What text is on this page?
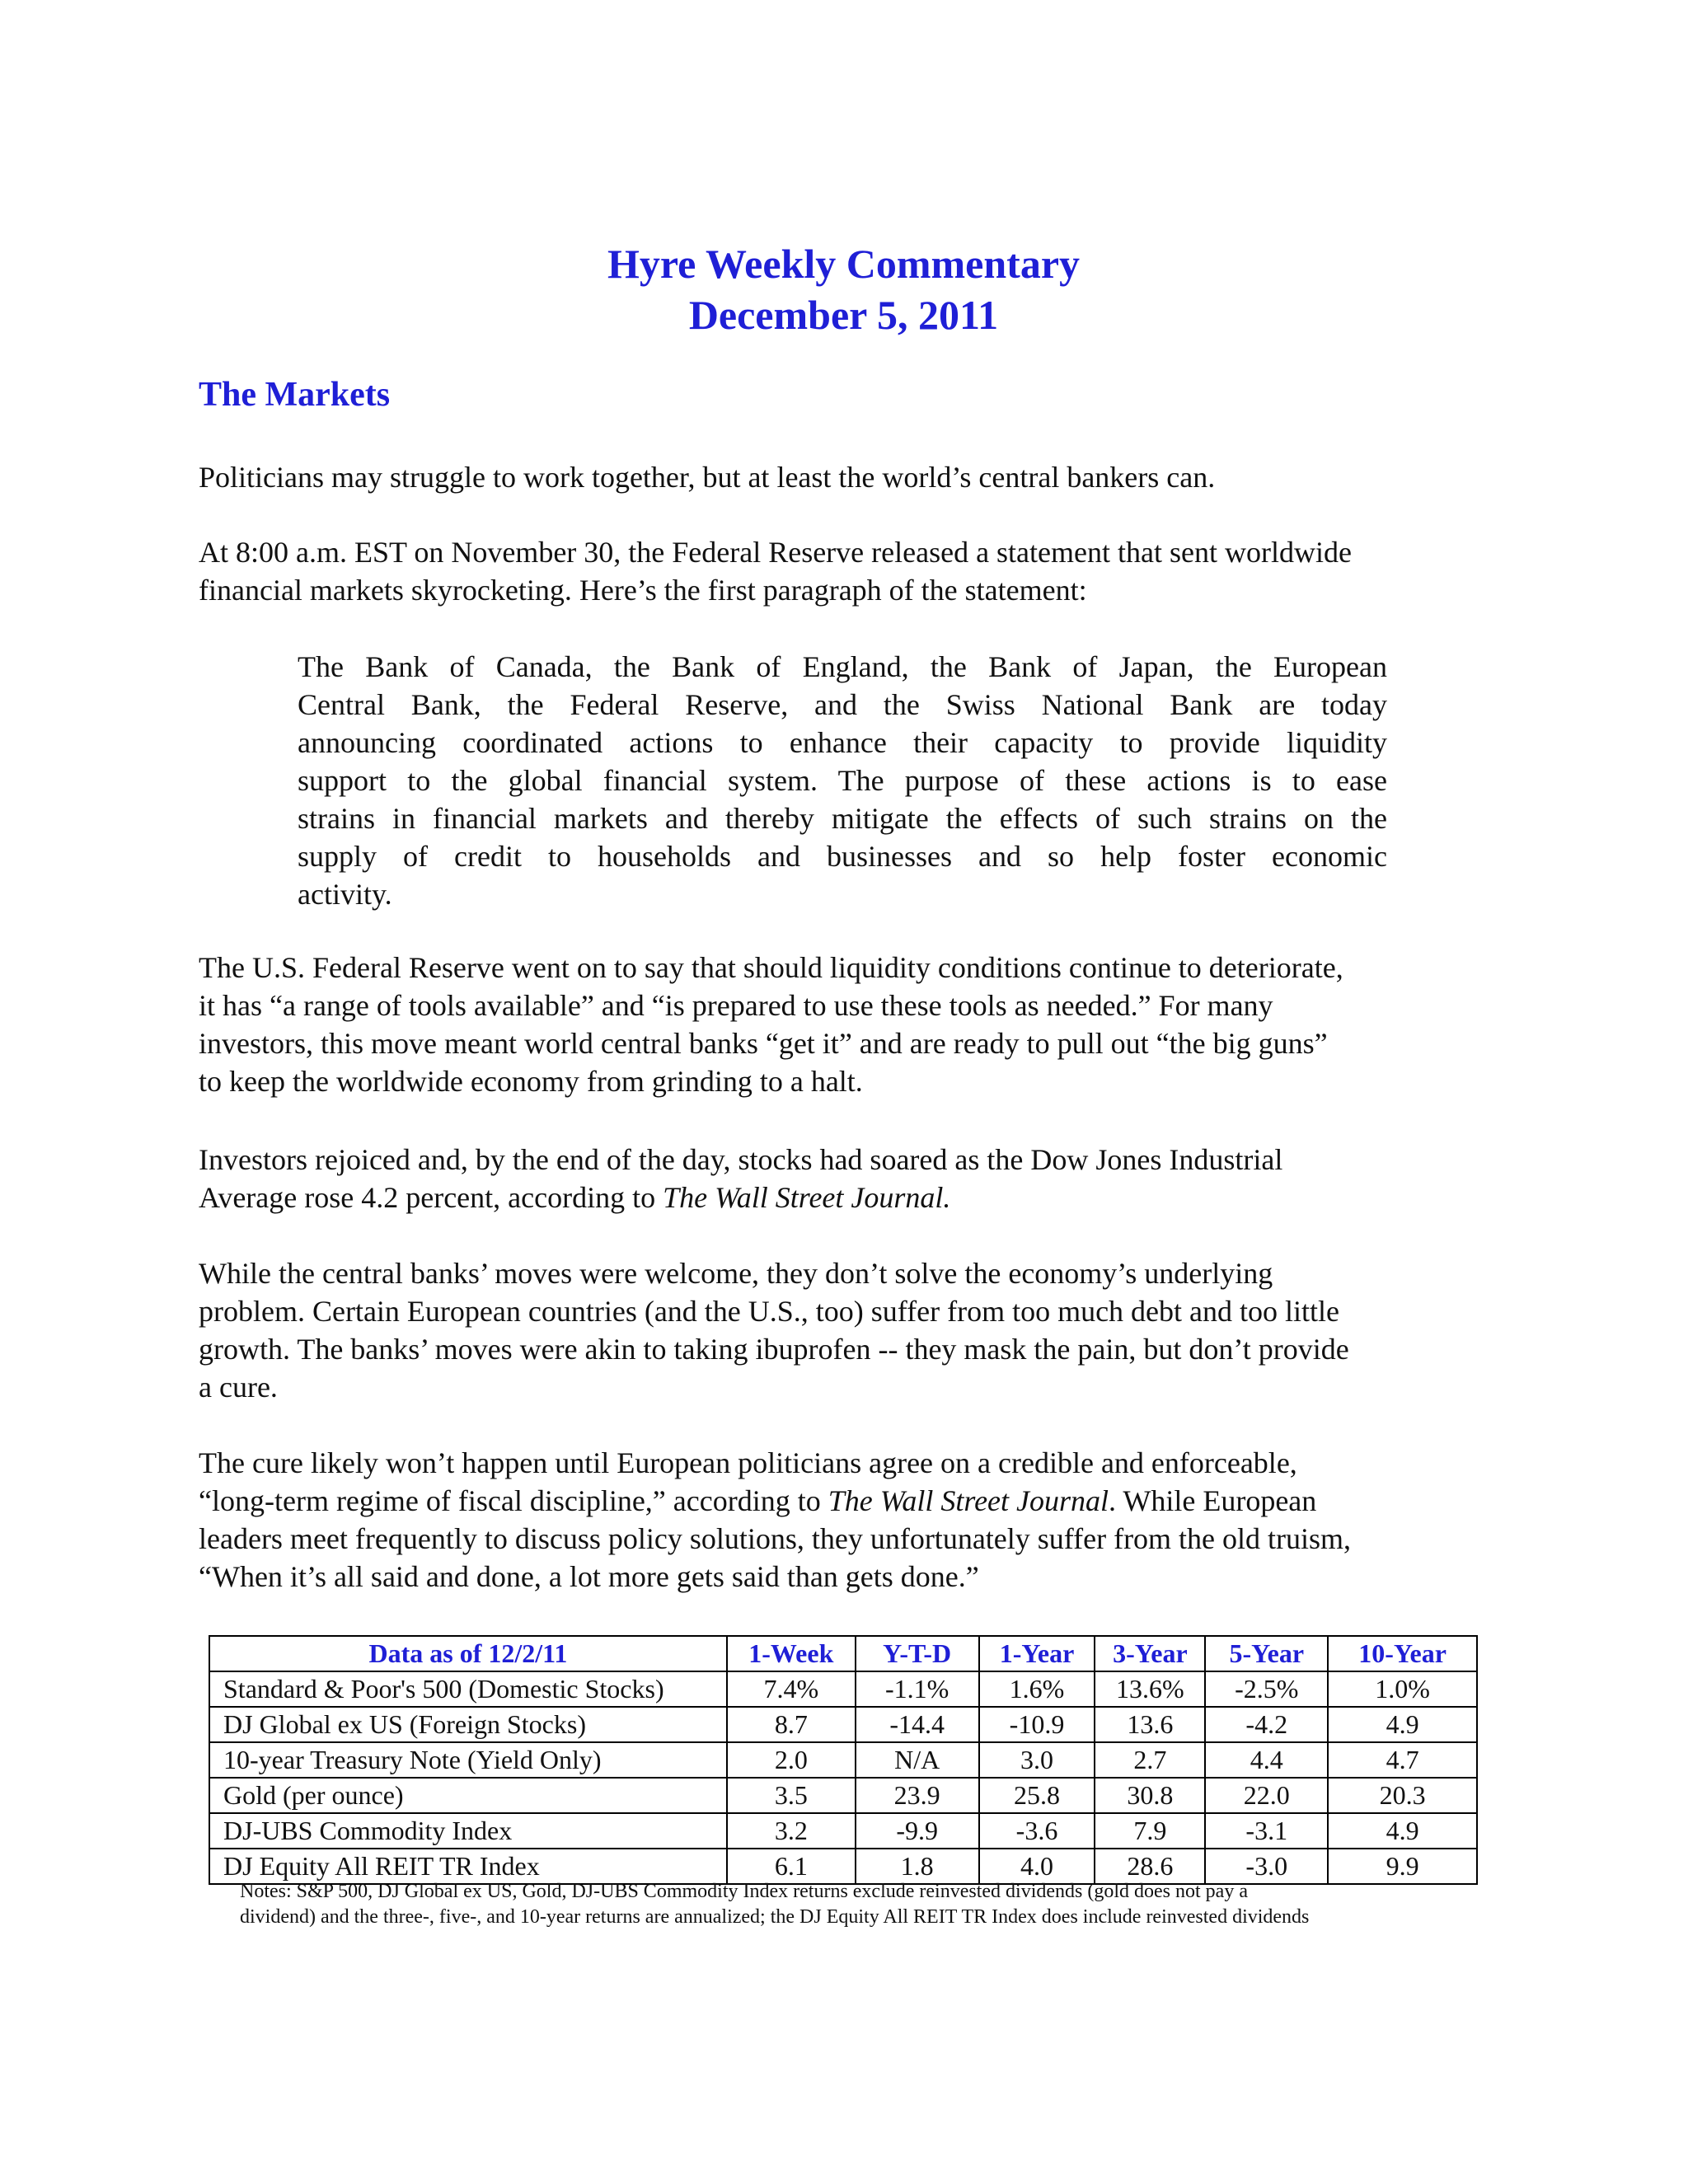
Hyre Weekly Commentary
December 5, 2011
The Markets

Politicians may struggle to work together, but at least the world’s central bankers can.

At 8:00 a.m. EST on November 30, the Federal Reserve released a statement that sent worldwide
financial markets skyrocketing. Here’s the first paragraph of the statement:

The Bank of Canada, the Bank of England, the Bank of Japan, the European
Central Bank, the Federal Reserve, and the Swiss National Bank are today
announcing coordinated actions to enhance their capacity to provide liquidity
support to the global financial system. The purpose of these actions is to ease
strains in financial markets and thereby mitigate the effects of such strains on the
supply of credit to households and businesses and so help foster economic
activity.

The U.S. Federal Reserve went on to say that should liquidity conditions continue to deteriorate,
it has “a range of tools available” and “is prepared to use these tools as needed.” For many
investors, this move meant world central banks “get it” and are ready to pull out “the big guns”
to keep the worldwide economy from grinding to a halt.

Investors rejoiced and, by the end of the day, stocks had soared as the Dow Jones Industrial
Average rose 4.2 percent, according to The Wall Street Journal.

While the central banks’ moves were welcome, they don’t solve the economy’s underlying
problem. Certain European countries (and the U.S., too) suffer from too much debt and too little
growth. The banks’ moves were akin to taking ibuprofen -- they mask the pain, but don’t provide
a cure.

The cure likely won’t happen until European politicians agree on a credible and enforceable,
“long-term regime of fiscal discipline,” according to The Wall Street Journal. While European
leaders meet frequently to discuss policy solutions, they unfortunately suffer from the old truism,
“When it’s all said and done, a lot more gets said than gets done.”

Data as of 12/2/11	1-Week	Y-T-D	1-Year	3-Year	5-Year	10-Year
Standard & Poor's 500 (Domestic Stocks)	7.4%	-1.1%	1.6%	13.6%	-2.5%	1.0%
DJ Global ex US (Foreign Stocks)	8.7	-14.4	-10.9	13.6	-4.2	4.9
10-year Treasury Note (Yield Only)	2.0	N/A	3.0	2.7	4.4	4.7
Gold (per ounce)	3.5	23.9	25.8	30.8	22.0	20.3
DJ-UBS Commodity Index	3.2	-9.9	-3.6	7.9	-3.1	4.9
DJ Equity All REIT TR Index	6.1	1.8	4.0	28.6	-3.0	9.9

Notes: S&P 500, DJ Global ex US, Gold, DJ-UBS Commodity Index returns exclude reinvested dividends (gold does not pay a
dividend) and the three-, five-, and 10-year returns are annualized; the DJ Equity All REIT TR Index does include reinvested dividends
